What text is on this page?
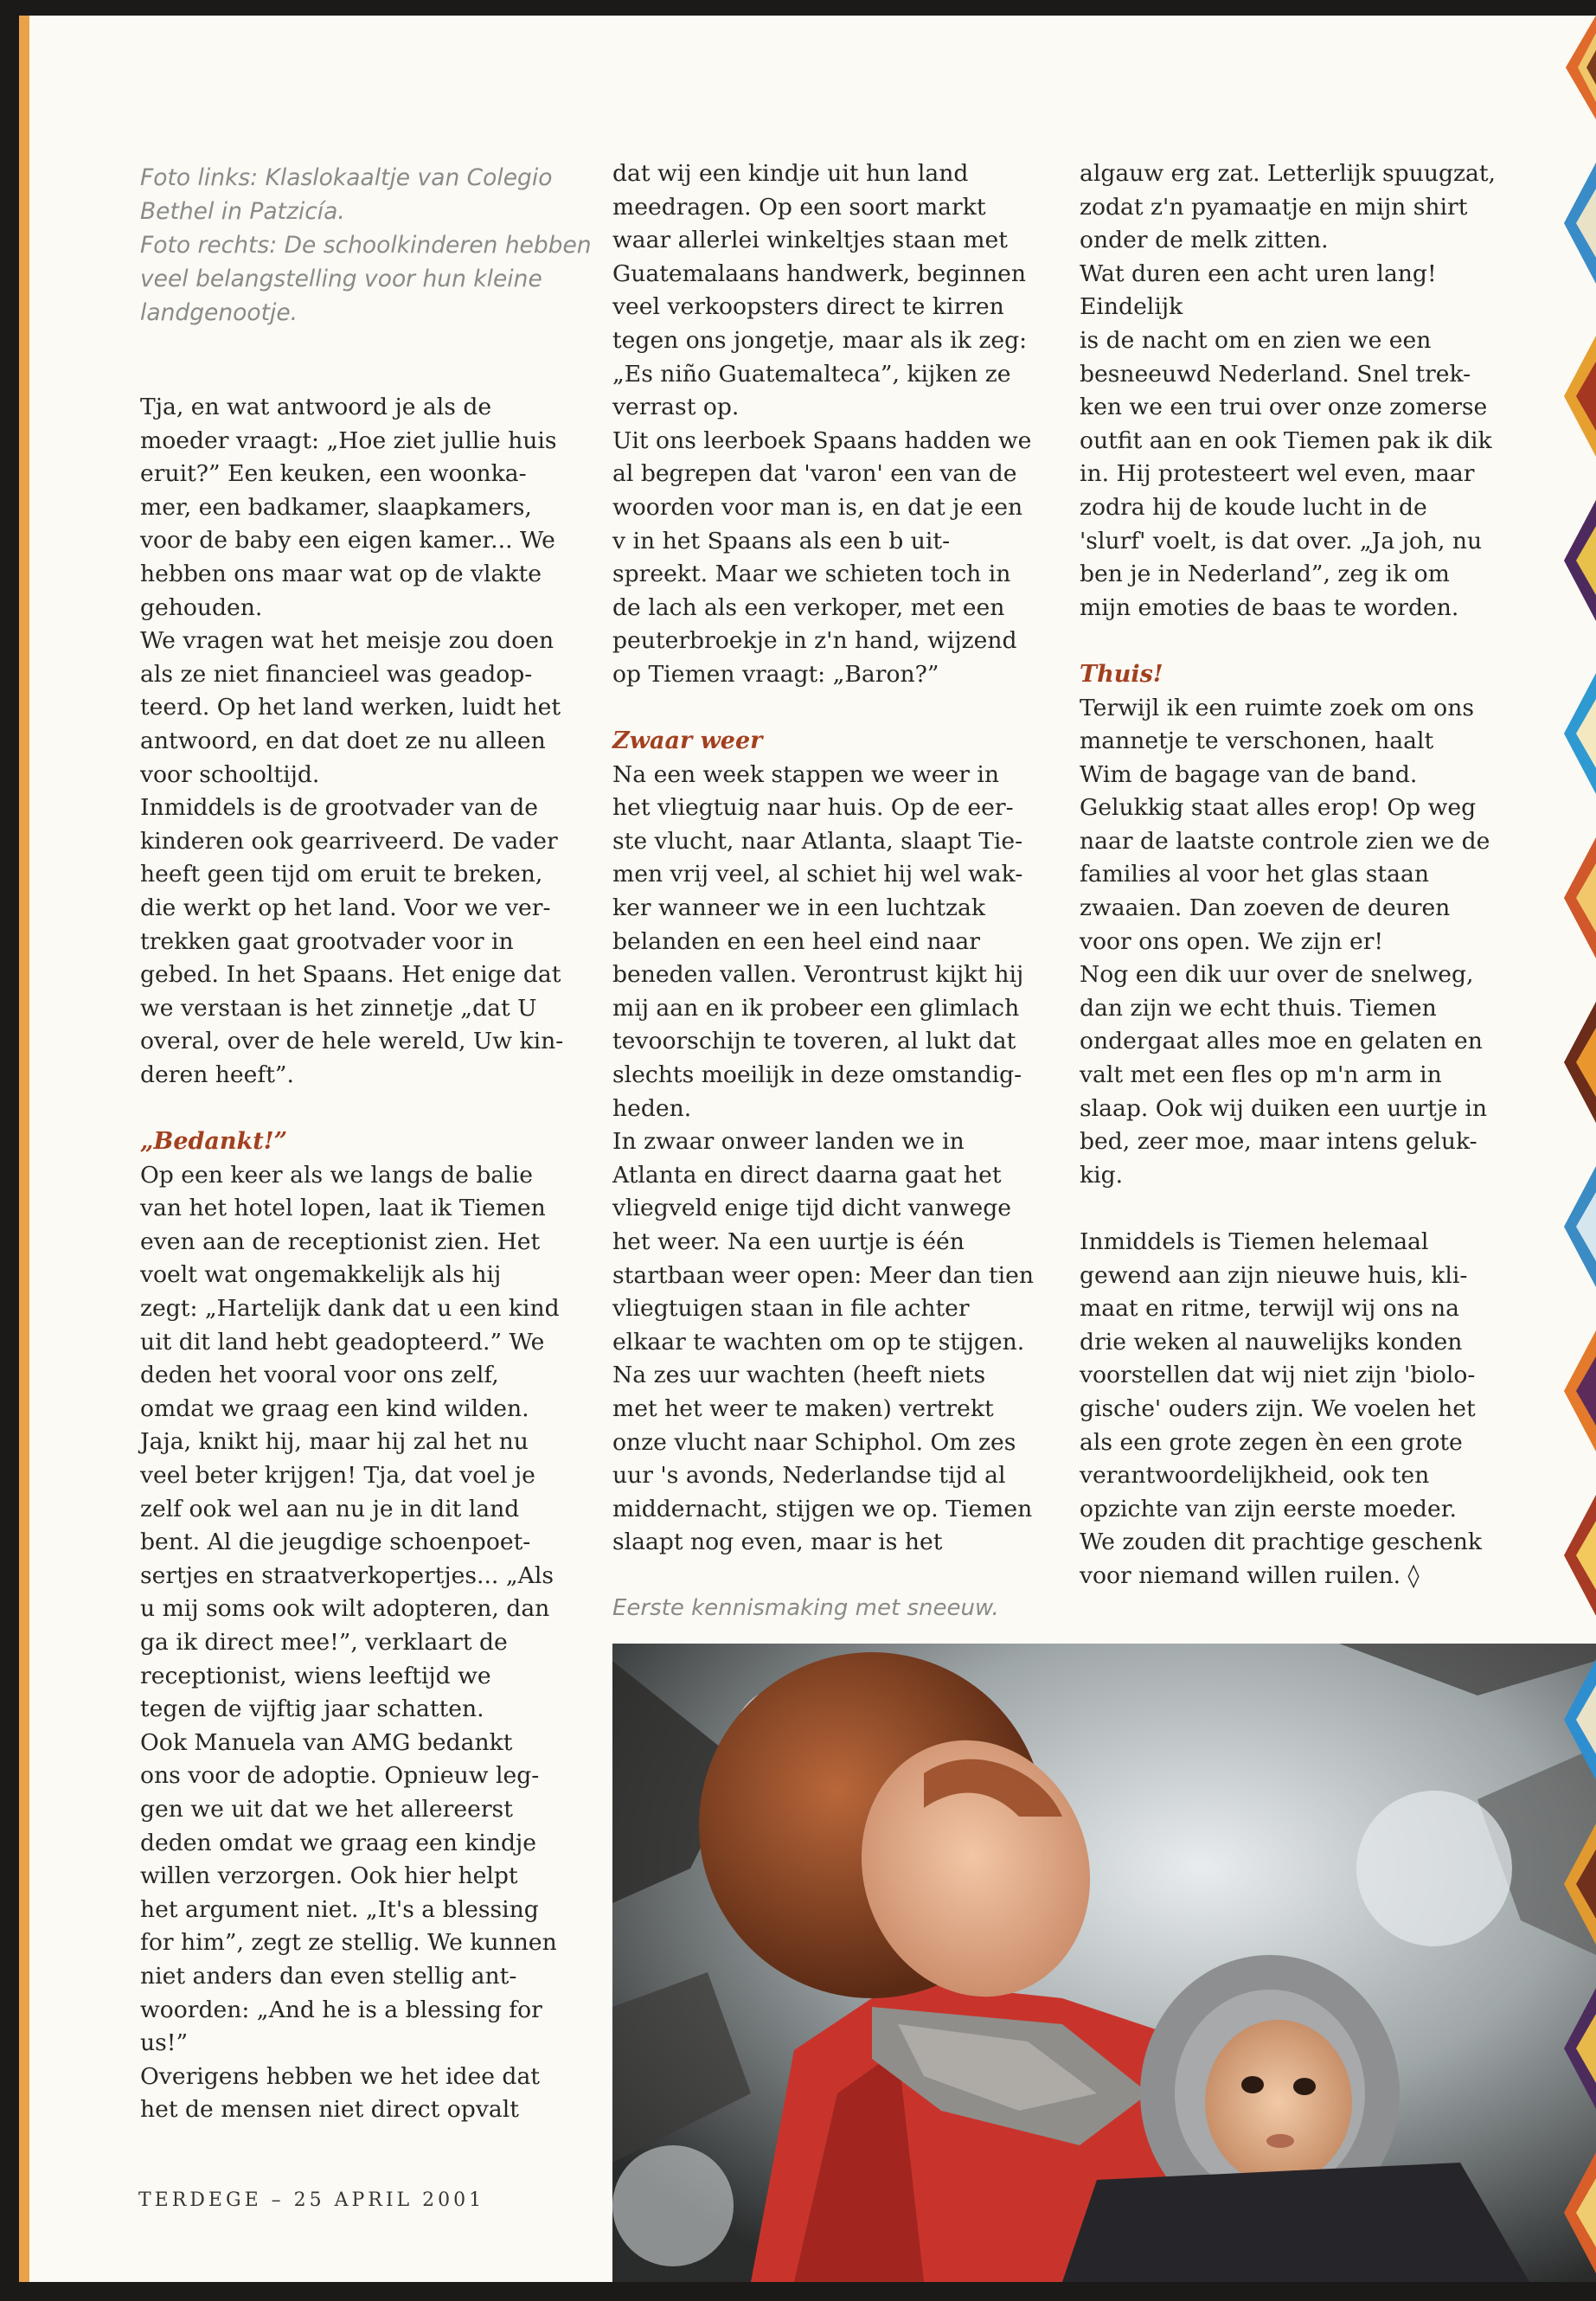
Foto links: Klaslokaaltje van Colegio
Bethel in Patzicía.
Foto rechts: De schoolkinderen hebben
veel belangstelling voor hun kleine
landgenootje.

Tja, en wat antwoord je als de
moeder vraagt: „Hoe ziet jullie huis
eruit?” Een keuken, een woonka-
mer, een badkamer, slaapkamers,
voor de baby een eigen kamer... We
hebben ons maar wat op de vlakte
gehouden.

We vragen wat het meisje zou doen
als ze niet financieel was geadop-
teerd. Op het land werken, luidt het
antwoord, en dat doet ze nu alleen
voor schooltijd.

Inmiddels is de grootvader van de
kinderen ook gearriveerd. De vader
heeft geen tijd om eruit te breken,
die werkt op het land. Voor we ver-
trekken gaat grootvader voor in
gebed. In het Spaans. Het enige dat
we verstaan is het zinnetje „dat U
overal, over de hele wereld, Uw kin-
deren heeft”.

„Bedankt!”

Op een keer als we langs de balie
van het hotel lopen, laat ik Tiemen
even aan de receptionist zien. Het
voelt wat ongemakkelijk als hij
zegt: „Hartelijk dank dat u een kind
uit dit land hebt geadopteerd.” We
deden het vooral voor ons zelf,
omdat we graag een kind wilden.
Jaja, knikt hij, maar hij zal het nu
veel beter krijgen! Tja, dat voel je
zelf ook wel aan nu je in dit land
bent. Al die jeugdige schoenpoet-
sertjes en straatverkopertjes... „Als
u mij soms ook wilt adopteren, dan
ga ik direct mee!”, verklaart de
receptionist, wiens leeftijd we
tegen de vijftig jaar schatten.

Ook Manuela van AMG bedankt
ons voor de adoptie. Opnieuw leg-
gen we uit dat we het allereerst
deden omdat we graag een kindje
willen verzorgen. Ook hier helpt
het argument niet. „It's a blessing
for him”, zegt ze stellig. We kunnen
niet anders dan even stellig ant-
woorden: „And he is a blessing for
us!”

Overigens hebben we het idee dat
het de mensen niet direct opvalt

dat wij een kindje uit hun land
meedragen. Op een soort markt
waar allerlei winkeltjes staan met
Guatemalaans handwerk, beginnen
veel verkoopsters direct te kirren
tegen ons jongetje, maar als ik zeg:
„Es niño Guatemalteca”, kijken ze
verrast op.

Uit ons leerboek Spaans hadden we
al begrepen dat 'varon' een van de
woorden voor man is, en dat je een
v in het Spaans als een b uit-
spreekt. Maar we schieten toch in
de lach als een verkoper, met een
peuterbroekje in z'n hand, wijzend
op Tiemen vraagt: „Baron?”

Zwaar weer

Na een week stappen we weer in
het vliegtuig naar huis. Op de eer-
ste vlucht, naar Atlanta, slaapt Tie-
men vrij veel, al schiet hij wel wak-
ker wanneer we in een luchtzak
belanden en een heel eind naar
beneden vallen. Verontrust kijkt hij
mij aan en ik probeer een glimlach
tevoorschijn te toveren, al lukt dat
slechts moeilijk in deze omstandig-
heden.

In zwaar onweer landen we in
Atlanta en direct daarna gaat het
vliegveld enige tijd dicht vanwege
het weer. Na een uurtje is één
startbaan weer open: Meer dan tien
vliegtuigen staan in file achter
elkaar te wachten om op te stijgen.
Na zes uur wachten (heeft niets
met het weer te maken) vertrekt
onze vlucht naar Schiphol. Om zes
uur 's avonds, Nederlandse tijd al
middernacht, stijgen we op. Tiemen
slaapt nog even, maar is het

algauw erg zat. Letterlijk spuugzat,
zodat z'n pyamaatje en mijn shirt
onder de melk zitten.

Wat duren een acht uren lang! Eindelijk
is de nacht om en zien we een
besneeuwd Nederland. Snel trek-
ken we een trui over onze zomerse
outfit aan en ook Tiemen pak ik dik
in. Hij protesteert wel even, maar
zodra hij de koude lucht in de
'slurf' voelt, is dat over. „Ja joh, nu
ben je in Nederland”, zeg ik om
mijn emoties de baas te worden.

Thuis!

Terwijl ik een ruimte zoek om ons
mannetje te verschonen, haalt
Wim de bagage van de band.
Gelukkig staat alles erop! Op weg
naar de laatste controle zien we de
families al voor het glas staan
zwaaien. Dan zoeven de deuren
voor ons open. We zijn er!

Nog een dik uur over de snelweg,
dan zijn we echt thuis. Tiemen
ondergaat alles moe en gelaten en
valt met een fles op m'n arm in
slaap. Ook wij duiken een uurtje in
bed, zeer moe, maar intens geluk-
kig.

Inmiddels is Tiemen helemaal
gewend aan zijn nieuwe huis, kli-
maat en ritme, terwijl wij ons na
drie weken al nauwelijks konden
voorstellen dat wij niet zijn 'biolo-
gische' ouders zijn. We voelen het
als een grote zegen èn een grote
verantwoordelijkheid, ook ten
opzichte van zijn eerste moeder.
We zouden dit prachtige geschenk
voor niemand willen ruilen. ◊

Eerste kennismaking met sneeuw.
TERDEGE – 25 APRIL 2001
